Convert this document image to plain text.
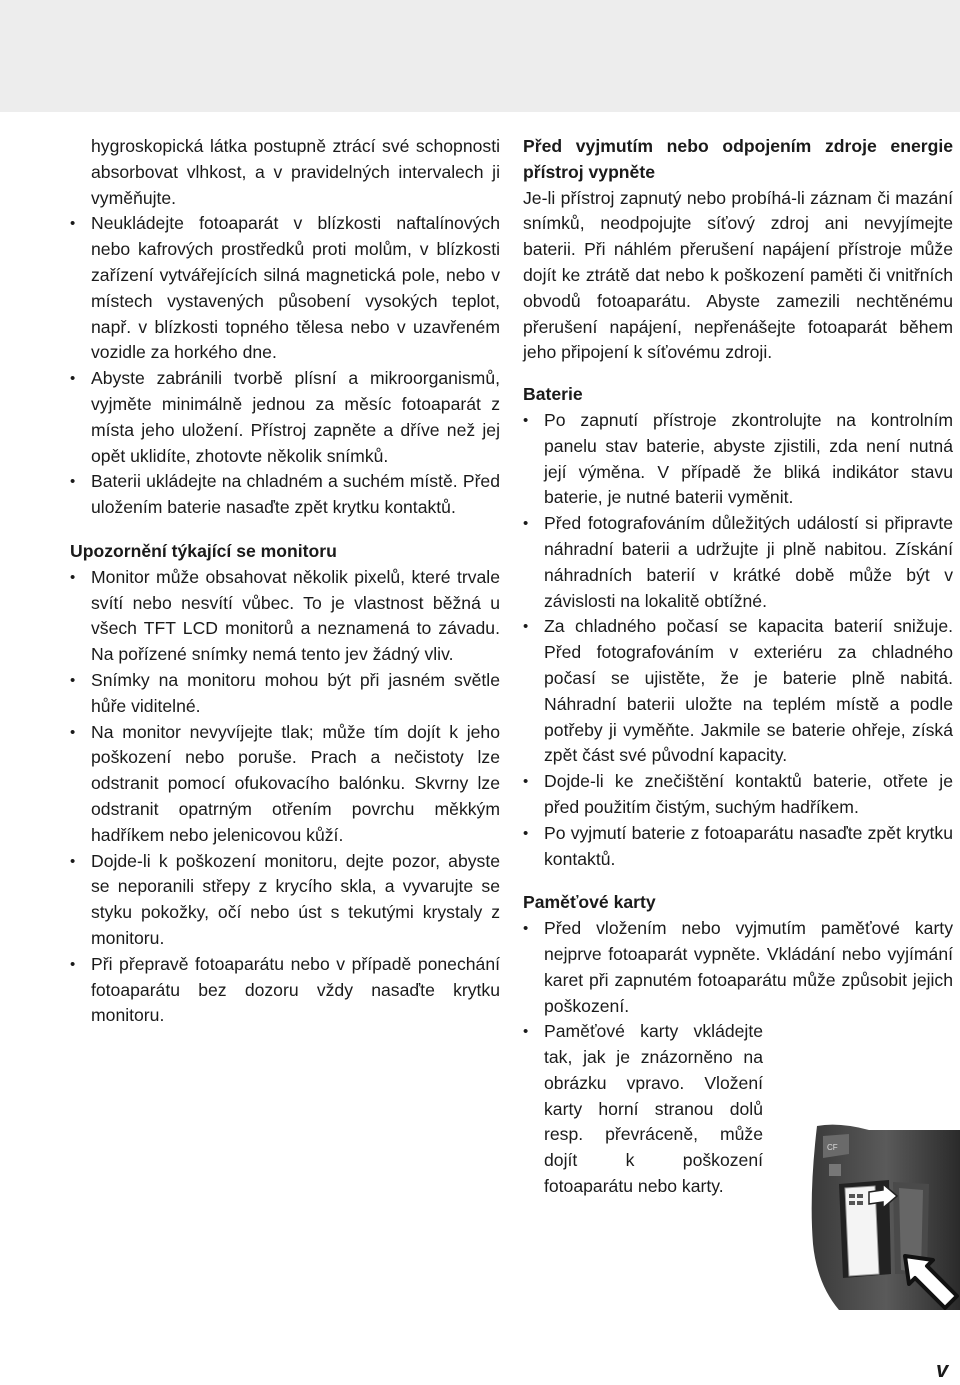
hygroskopická látka postupně ztrácí své schopnosti absorbovat vlhkost, a v pravidelných intervalech ji vyměňujte.

• Neukládejte fotoaparát v blízkosti naftalínových nebo kafrových prostředků proti molům, v blízkosti zařízení vytvářejících silná magnetická pole, nebo v místech vystavených působení vysokých teplot, např. v blízkosti topného tělesa nebo v uzavřeném vozidle za horkého dne.
• Abyste zabránili tvorbě plísní a mikroorganismů, vyjměte minimálně jednou za měsíc fotoaparát z místa jeho uložení. Přístroj zapněte a dříve než jej opět uklidíte, zhotovte několik snímků.
• Baterii ukládejte na chladném a suchém místě. Před uložením baterie nasaďte zpět krytku kontaktů.
Upozornění týkající se monitoru
• Monitor může obsahovat několik pixelů, které trvale svítí nebo nesvítí vůbec. To je vlastnost běžná u všech TFT LCD monitorů a neznamená to závadu. Na pořízené snímky nemá tento jev žádný vliv.
• Snímky na monitoru mohou být při jasném světle hůře viditelné.
• Na monitor nevyvíjejte tlak; může tím dojít k jeho poškození nebo poruše. Prach a nečistoty lze odstranit pomocí ofukovacího balónku. Skvrny lze odstranit opatrným otřením povrchu měkkým hadříkem nebo jelenicovou kůží.
• Dojde-li k poškození monitoru, dejte pozor, abyste se neporanili střepy z krycího skla, a vyvarujte se styku pokožky, očí nebo úst s tekutými krystaly z monitoru.
• Při přepravě fotoaparátu nebo v případě ponechání fotoaparátu bez dozoru vždy nasaďte krytku monitoru.
Před vyjmutím nebo odpojením zdroje energie přístroj vypněte

Je-li přístroj zapnutý nebo probíhá-li záznam či mazání snímků, neodpojujte síťový zdroj ani nevyjímejte baterii. Při náhlém přerušení napájení přístroje může dojít ke ztrátě dat nebo k poškození paměti či vnitřních obvodů fotoaparátu. Abyste zamezili nechtěnému přerušení napájení, nepřenášejte fotoaparát během jeho připojení k síťovému zdroji.

Baterie
• Po zapnutí přístroje zkontrolujte na kontrolním panelu stav baterie, abyste zjistili, zda není nutná její výměna. V případě že bliká indikátor stavu baterie, je nutné baterii vyměnit.
• Před fotografováním důležitých událostí si připravte náhradní baterii a udržujte ji plně nabitou. Získání náhradních baterií v krátké době může být v závislosti na lokalitě obtížné.
• Za chladného počasí se kapacita baterií snižuje. Před fotografováním v exteriéru za chladného počasí se ujistěte, že je baterie plně nabitá. Náhradní baterii uložte na teplém místě a podle potřeby ji vyměňte. Jakmile se baterie ohřeje, získá zpět část své původní kapacity.
• Dojde-li ke znečištění kontaktů baterie, otřete je před použitím čistým, suchým hadříkem.
• Po vyjmutí baterie z fotoaparátu nasaďte zpět krytku kontaktů.
Paměťové karty
• Před vložením nebo vyjmutím paměťové karty nejprve fotoaparát vypněte. Vkládání nebo vyjímání karet při zapnutém fotoaparátu může způsobit jejich poškození.
• Paměťové karty vkládejte tak, jak je znázorněno na obrázku vpravo. Vložení karty horní stranou dolů resp. převráceně, může dojít k poškození fotoaparátu nebo karty.
CF
v
